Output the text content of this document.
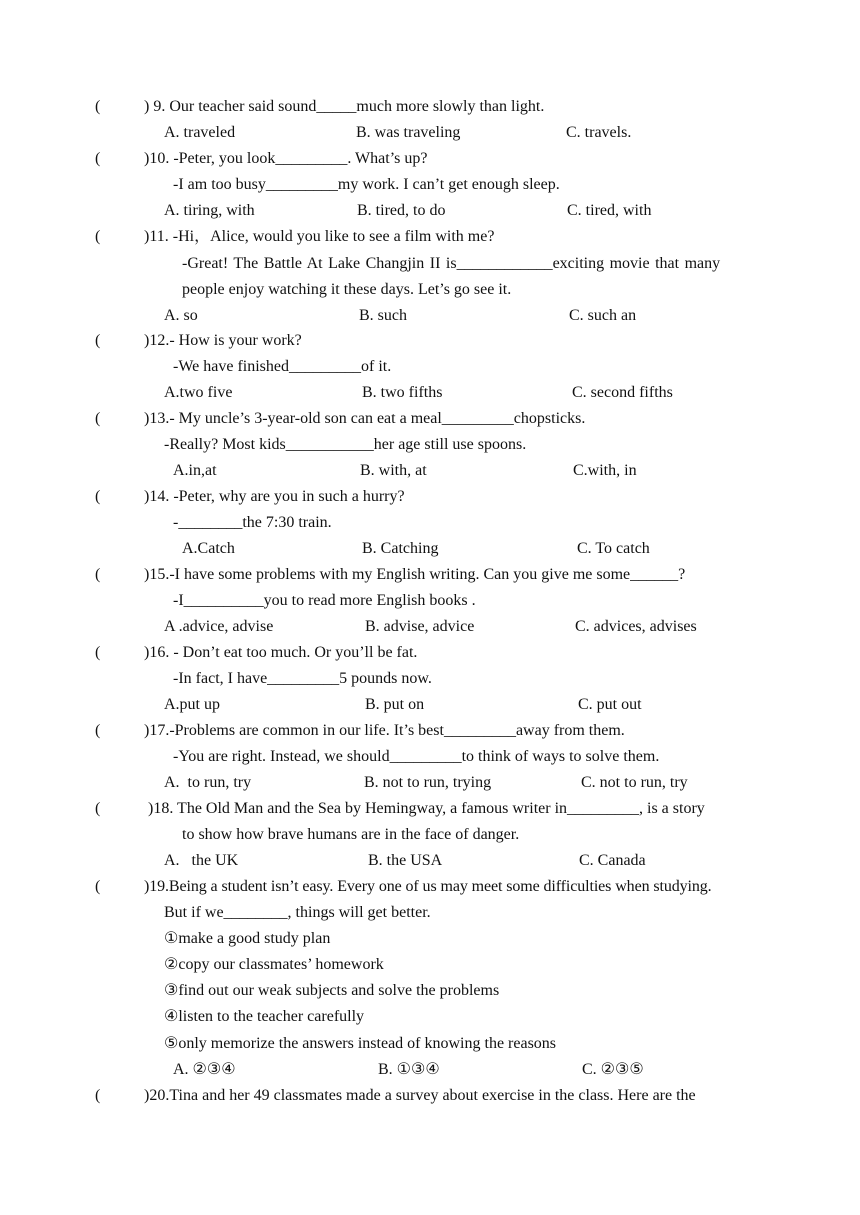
(	) 9. Our teacher said sound_____much more slowly than light.
A. traveled	B. was traveling	C. travels.
(	)10. -Peter, you look_________. What’s up?
-I am too busy_________my work. I can’t get enough sleep.
A. tiring, with	B. tired, to do	C. tired, with
(	)11. -Hi，Alice, would you like to see a film with me?
-Great! The Battle At Lake Changjin II is____________exciting movie that many
people enjoy watching it these days. Let’s go see it.
A. so	B. such	C. such an
(	)12.- How is your work?
-We have finished_________of it.
A.two five	B. two fifths	C. second fifths
(	)13.- My uncle’s 3-year-old son can eat a meal_________chopsticks.
-Really? Most kids___________her age still use spoons.
A.in,at	B. with, at	C.with, in
(	)14. -Peter, why are you in such a hurry?
-________the 7:30 train.
A.Catch	B. Catching	C. To catch
(	)15.-I have some problems with my English writing. Can you give me some______?
-I__________you to read more English books .
A .advice, advise	B. advise, advice	C. advices, advises
(	)16. - Don’t eat too much. Or you’ll be fat.
-In fact, I have_________5 pounds now.
A.put up	B. put on	C. put out
(	)17.-Problems are common in our life. It’s best_________away from them.
-You are right. Instead, we should_________to think of ways to solve them.
A.  to run, try	B. not to run, trying	C. not to run, try
(	)18. The Old Man and the Sea by Hemingway, a famous writer in_________, is a story
to show how brave humans are in the face of danger.
A.   the UK	B. the USA	C. Canada
(	)19.Being a student isn’t easy. Every one of us may meet some difficulties when studying.
But if we________, things will get better.
①make a good study plan
②copy our classmates’ homework
③find out our weak subjects and solve the problems
④listen to the teacher carefully
⑤only memorize the answers instead of knowing the reasons
A. ②③④	B. ①③④	C. ②③⑤
(	)20.Tina and her 49 classmates made a survey about exercise in the class. Here are the
